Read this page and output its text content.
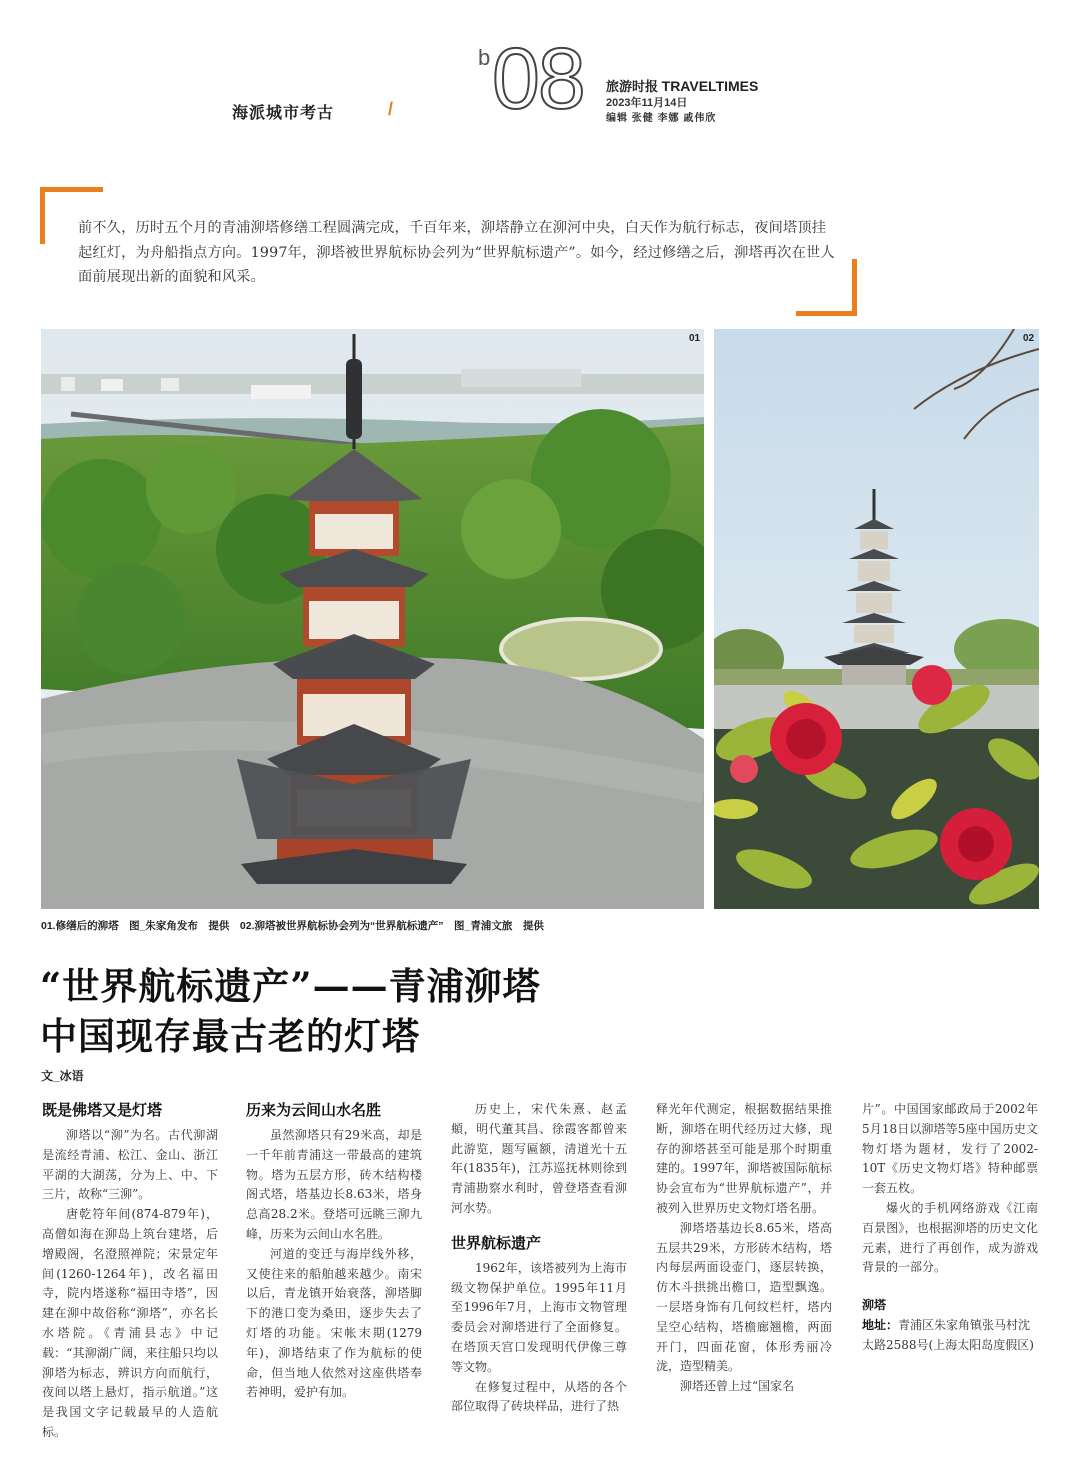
海派城市考古	/
b 08 旅游时报 TRAVELTIMES
2023年11月14日
编辑 张健 李娜 戚伟欣
前不久，历时五个月的青浦泖塔修缮工程圆满完成，千百年来，泖塔静立在泖河中央，白天作为航行标志，夜间塔顶挂起红灯，为舟船指点方向。1997年，泖塔被世界航标协会列为“世界航标遗产”。如今，经过修缮之后，泖塔再次在世人面前展现出新的面貌和风采。
01	02
01.修缮后的泖塔　图_朱家角发布　提供　02.泖塔被世界航标协会列为“世界航标遗产”　图_青浦文旅　提供
“世界航标遗产”——青浦泖塔
中国现存最古老的灯塔
文_冰语
既是佛塔又是灯塔

泖塔以“泖”为名。古代泖湖是流经青浦、松江、金山、浙江平湖的大湖荡，分为上、中、下三片，故称“三泖”。

唐乾符年间(874-879年)，高僧如海在泖岛上筑台建塔，后增殿阁，名澄照禅院；宋景定年间(1260-1264年)，改名福田寺，院内塔遂称“福田寺塔”，因建在泖中故俗称“泖塔”，亦名长水塔院。《青浦县志》中记载：“其泖湖广阔，来往船只均以泖塔为标志，辨识方向而航行，夜间以塔上悬灯，指示航道。”这是我国文字记载最早的人造航标。

历来为云间山水名胜

虽然泖塔只有29米高，却是一千年前青浦这一带最高的建筑物。塔为五层方形，砖木结构楼阁式塔，塔基边长8.63米，塔身总高28.2米。登塔可远眺三泖九峰，历来为云间山水名胜。

河道的变迁与海岸线外移，又使往来的船舶越来越少。南宋以后，青龙镇开始衰落，泖塔脚下的港口变为桑田，逐步失去了灯塔的功能。宋帐末期(1279年)，泖塔结束了作为航标的使命，但当地人依然对这座供塔奉若神明，爱护有加。

历史上，宋代朱熹、赵孟頫，明代董其昌、徐霞客都曾来此游览，题写匾额，清道光十五年(1835年)，江苏巡抚林则徐到青浦勘察水利时，曾登塔查看泖河水势。

世界航标遗产

1962年，该塔被列为上海市级文物保护单位。1995年11月至1996年7月，上海市文物管理委员会对泖塔进行了全面修复。在塔顶天宫口发现明代伊像三尊等文物。

在修复过程中，从塔的各个部位取得了砖块样品，进行了热

释光年代测定，根据数据结果推断，泖塔在明代经历过大修，现存的泖塔甚至可能是那个时期重建的。1997年，泖塔被国际航标协会宣布为“世界航标遗产”，并被列入世界历史文物灯塔名册。

泖塔塔基边长8.65米，塔高五层共29米，方形砖木结构，塔内每层两面设壶门，逐层转换，仿木斗拱挑出檐口，造型飘逸。一层塔身饰有几何纹栏杆，塔内呈空心结构，塔檐廊翘檐，两面开门，四面花窗，体形秀丽冷泷，造型精美。

泖塔还曾上过“国家名

片”。中国国家邮政局于2002年5月18日以泖塔等5座中国历史文物灯塔为题材，发行了2002-10T《历史文物灯塔》特种邮票一套五枚。

爆火的手机网络游戏《江南百景图》，也根据泖塔的历史文化元素，进行了再创作，成为游戏背景的一部分。

泖塔
地址：青浦区朱家角镇张马村沈太路2588号(上海太阳岛度假区)
